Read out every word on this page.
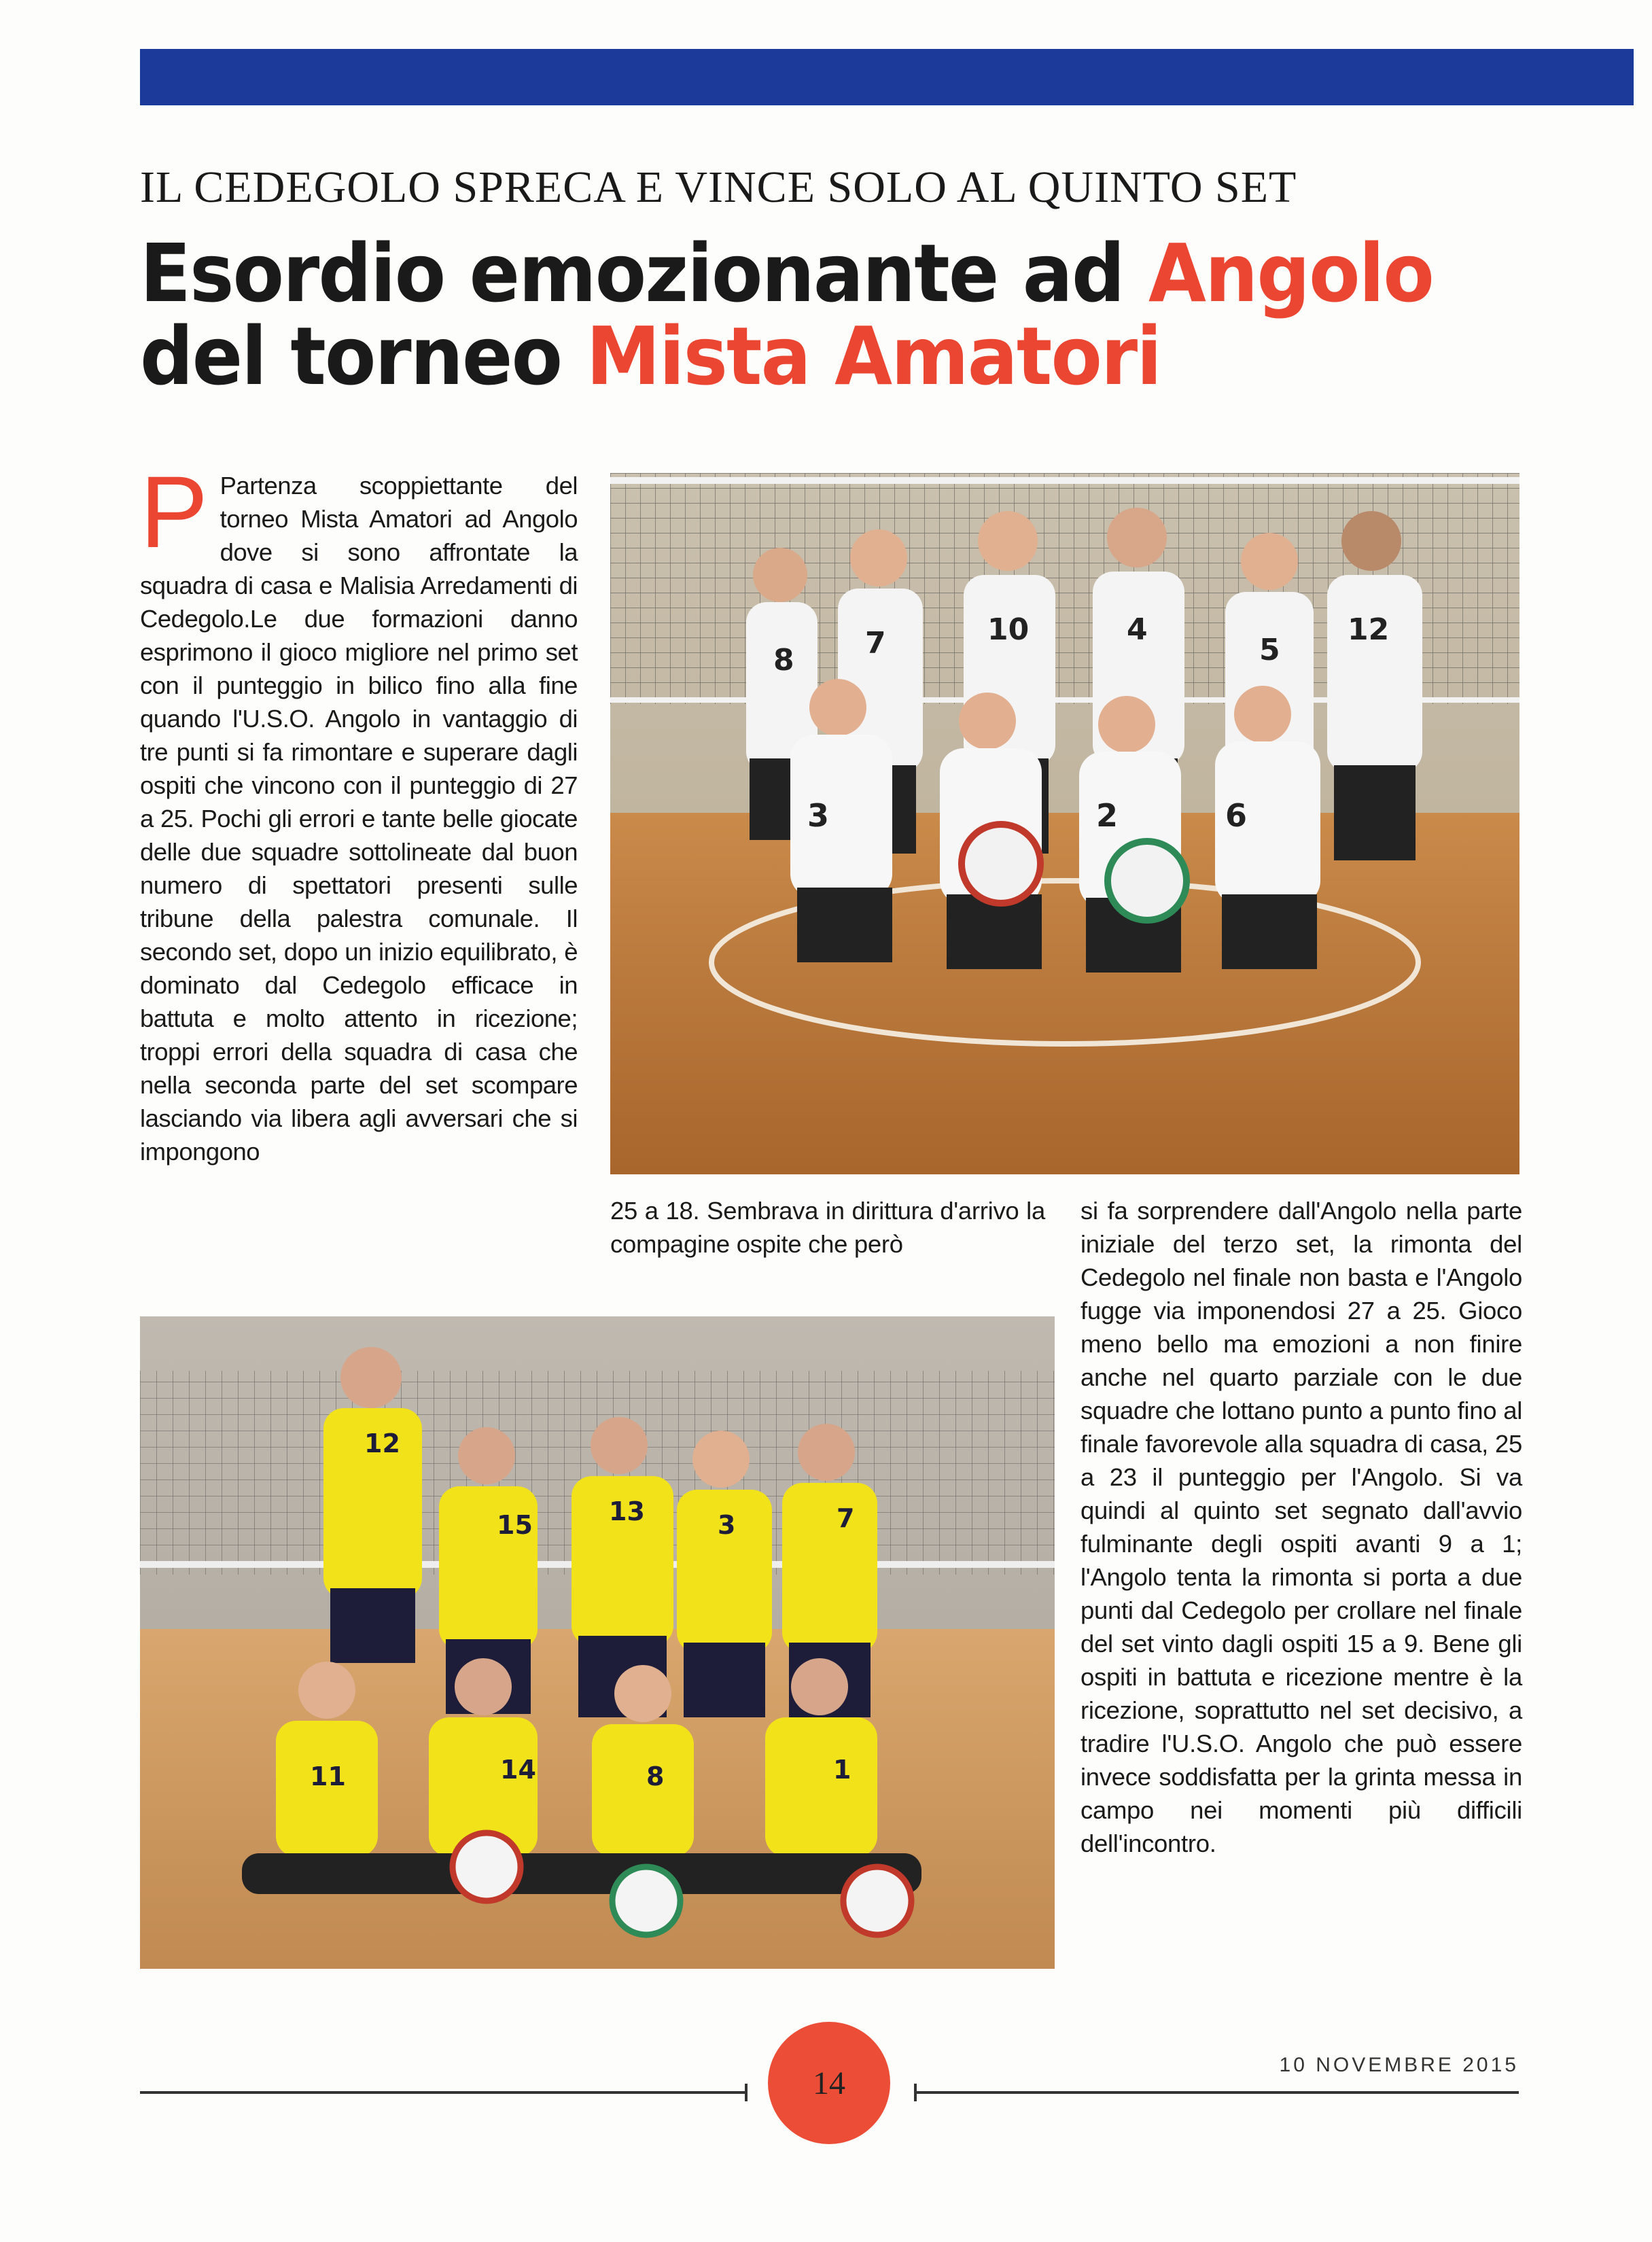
IL CEDEGOLO SPRECA E VINCE SOLO AL QUINTO SET
Esordio emozionante ad Angolo
del torneo Mista Amatori
P Partenza scoppiettante del torneo Mista Amatori ad Angolo dove si sono affrontate la squadra di casa e Malisia Arredamenti di Cedegolo.Le due formazioni danno esprimono il gioco migliore nel primo set con il punteggio in bilico fino alla fine quando l'U.S.O. Angolo in vantaggio di tre punti si fa rimontare e superare dagli ospiti che vincono con il punteggio di 27 a 25. Pochi gli errori e tante belle giocate delle due squadre sottolineate dal buon numero di spettatori presenti sulle tribune della palestra comunale. Il secondo set, dopo un inizio equilibrato, è dominato dal Cedegolo efficace in battuta e molto attento in ricezione; troppi errori della squadra di casa che nella seconda parte del set scompare lasciando via libera agli avversari che si impongono
8 7	10	4
5
12
3	2	6
12
15	13	3	7
11	14	8	1
25 a 18. Sembrava in dirittura d'arrivo la compagine ospite che però
si fa sorprendere dall'Angolo nella parte iniziale del terzo set, la rimonta del Cedegolo nel finale non basta e l'Angolo fugge via imponendosi 27 a 25. Gioco meno bello ma emozioni a non finire anche nel quarto parziale con le due squadre che lottano punto a punto fino al finale favorevole alla squadra di casa, 25 a 23 il punteggio per l'Angolo. Si va quindi al quinto set segnato dall'avvio fulminante degli ospiti avanti 9 a 1; l'Angolo tenta la rimonta si porta a due punti dal Cedegolo per crollare nel finale del set vinto dagli ospiti 15 a 9. Bene gli ospiti in battuta e ricezione mentre è la ricezione, soprattutto nel set decisivo, a tradire l'U.S.O. Angolo che può essere invece soddisfatta per la grinta messa in campo nei momenti più difficili dell'incontro.
14	10 NOVEMBRE 2015
